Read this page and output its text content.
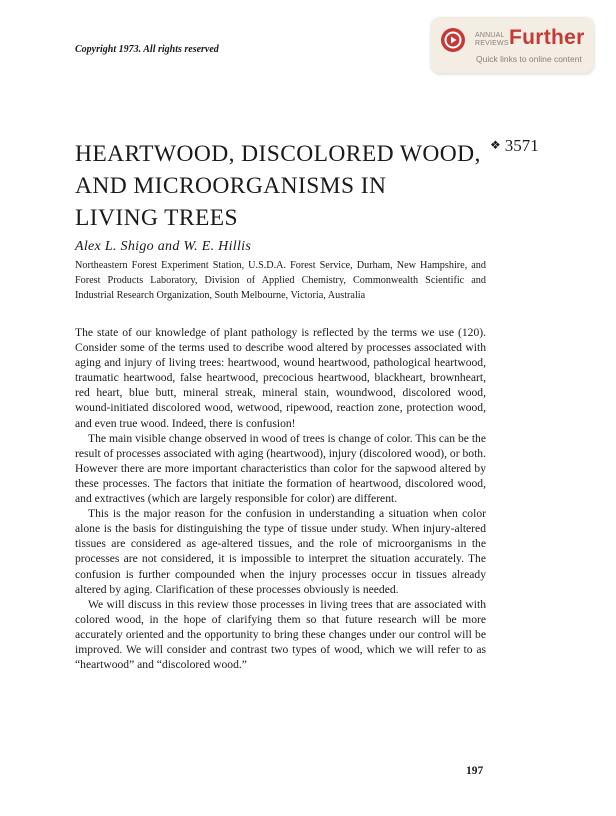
Copyright 1973. All rights reserved
ANNUAL
REVIEWS Further
Quick links to online content
HEARTWOOD, DISCOLORED WOOD,
AND MICROORGANISMS IN
LIVING TREES
❖ 3571
Alex L. Shigo and W. E. Hillis
Northeastern Forest Experiment Station, U.S.D.A. Forest Service, Durham, New Hampshire, and Forest Products Laboratory, Division of Applied Chemistry, Commonwealth Scientific and Industrial Research Organization, South Melbourne, Victoria, Australia

The state of our knowledge of plant pathology is reflected by the terms we use (120). Consider some of the terms used to describe wood altered by processes associated with aging and injury of living trees: heartwood, wound heartwood, pathological heartwood, traumatic heartwood, false heartwood, precocious heartwood, blackheart, brownheart, red heart, blue butt, mineral streak, mineral stain, woundwood, discolored wood, wound-initiated discolored wood, wetwood, ripewood, reaction zone, protection wood, and even true wood. Indeed, there is confusion!

The main visible change observed in wood of trees is change of color. This can be the result of processes associated with aging (heartwood), injury (discolored wood), or both. However there are more important characteristics than color for the sapwood altered by these processes. The factors that initiate the formation of heartwood, discolored wood, and extractives (which are largely responsible for color) are different.

This is the major reason for the confusion in understanding a situation when color alone is the basis for distinguishing the type of tissue under study. When injury-altered tissues are considered as age-altered tissues, and the role of microorganisms in the processes are not considered, it is impossible to interpret the situation accurately. The confusion is further compounded when the injury processes occur in tissues already altered by aging. Clarification of these processes obviously is needed.

We will discuss in this review those processes in living trees that are associated with colored wood, in the hope of clarifying them so that future research will be more accurately oriented and the opportunity to bring these changes under our control will be improved. We will consider and contrast two types of wood, which we will refer to as “heartwood” and “discolored wood.”

197
